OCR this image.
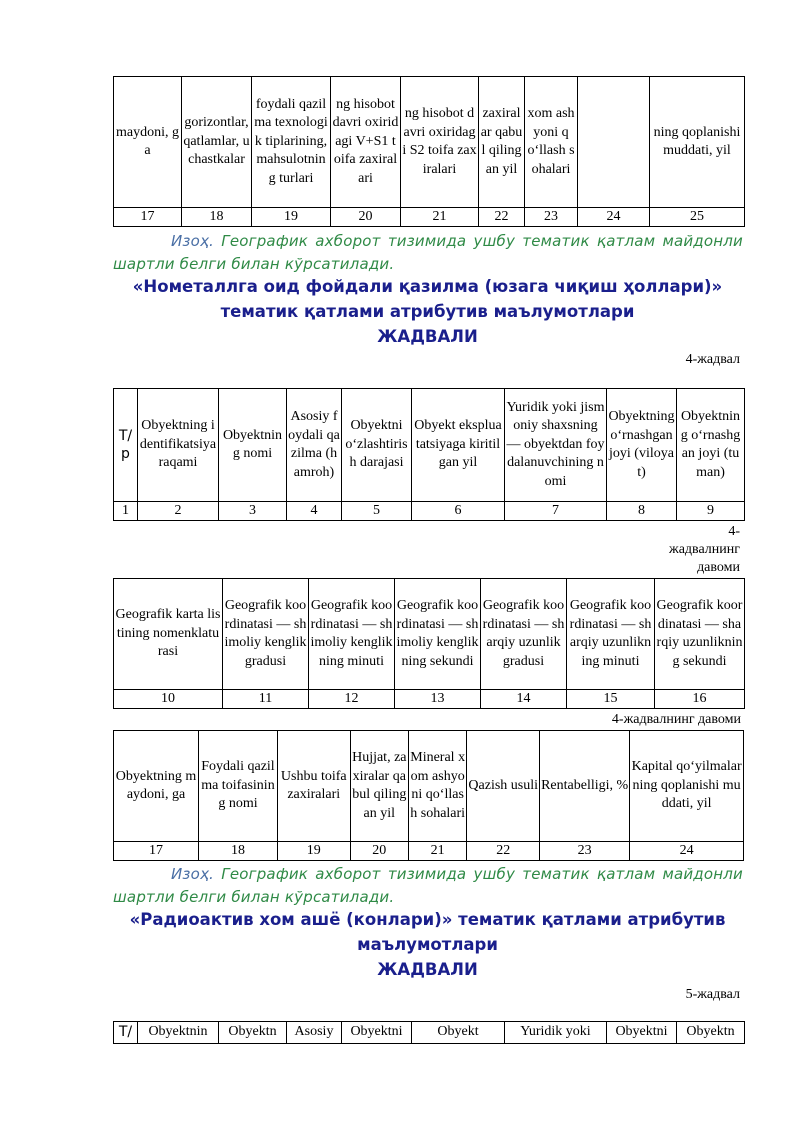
maydoni, ga	gorizontlar, qatlamlar, uchastkalar	foydali qazilma texnologik tiplarining, mahsulotning turlari	ng hisobot davri oxiridagi V+S1 toifa zaxiralari	ng hisobot davri oxiridagi S2 toifa zaxiralari	zaxiralar qabul qilingan yil	xom ashyoni qo‘llash sohalari		ning qoplanishi muddati, yil
17	18	19	20	21	22	23	24	25
Изоҳ. Географик ахборот тизимида ушбу тематик қатлам майдонли шартли белги билан кўрсатилади.
«Нометаллга оид фойдали қазилма (юзага чиқиш ҳоллари)»
тематик қатлами атрибутив маълумотлари
ЖАДВАЛИ
4-жадвал
Т/р	Obyektning identifikatsiya raqami	Obyektning nomi	Asosiy foydali qazilma (hamroh)	Obyektni o‘zlashtirish darajasi	Obyekt ekspluatatsiyaga kiritilgan yil	Yuridik yoki jismoniy shaxsning — obyektdan foydalanuvchining nomi	Obyektning o‘rnashgan joyi (viloyat)	Obyektning o‘rnashgan joyi (tuman)
1	2	3	4	5	6	7	8	9
4-жадвалнинг давоми
Geografik karta listining nomenklaturasi	Geografik koordinatasi — shimoliy kenglik gradusi	Geografik koordinatasi — shimoliy kenglikning minuti	Geografik koordinatasi — shimoliy kenglikning sekundi	Geografik koordinatasi — sharqiy uzunlik gradusi	Geografik koordinatasi — sharqiy uzunlikning minuti	Geografik koordinatasi — sharqiy uzunlikning sekundi
10	11	12	13	14	15	16
4-жадвалнинг давоми
Obyektning maydoni, ga	Foydali qazilma toifasining nomi	Ushbu toifa zaxiralari	Hujjat, zaxiralar qabul qilingan yil	Mineral xom ashyoni qo‘llash sohalari	Qazish usuli	Rentabelligi, %	Kapital qo‘yilmalarning qoplanishi muddati, yil
17	18	19	20	21	22	23	24
Изоҳ. Географик ахборот тизимида ушбу тематик қатлам майдонли шартли белги билан кўрсатилади.
«Радиоактив хом ашё (конлари)» тематик қатлами атрибутив
маълумотлари
ЖАДВАЛИ
5-жадвал
Т/	Obyektnin	Obyektn	Asosiy	Obyektni	Obyekt	Yuridik yoki	Obyektni	Obyektn
